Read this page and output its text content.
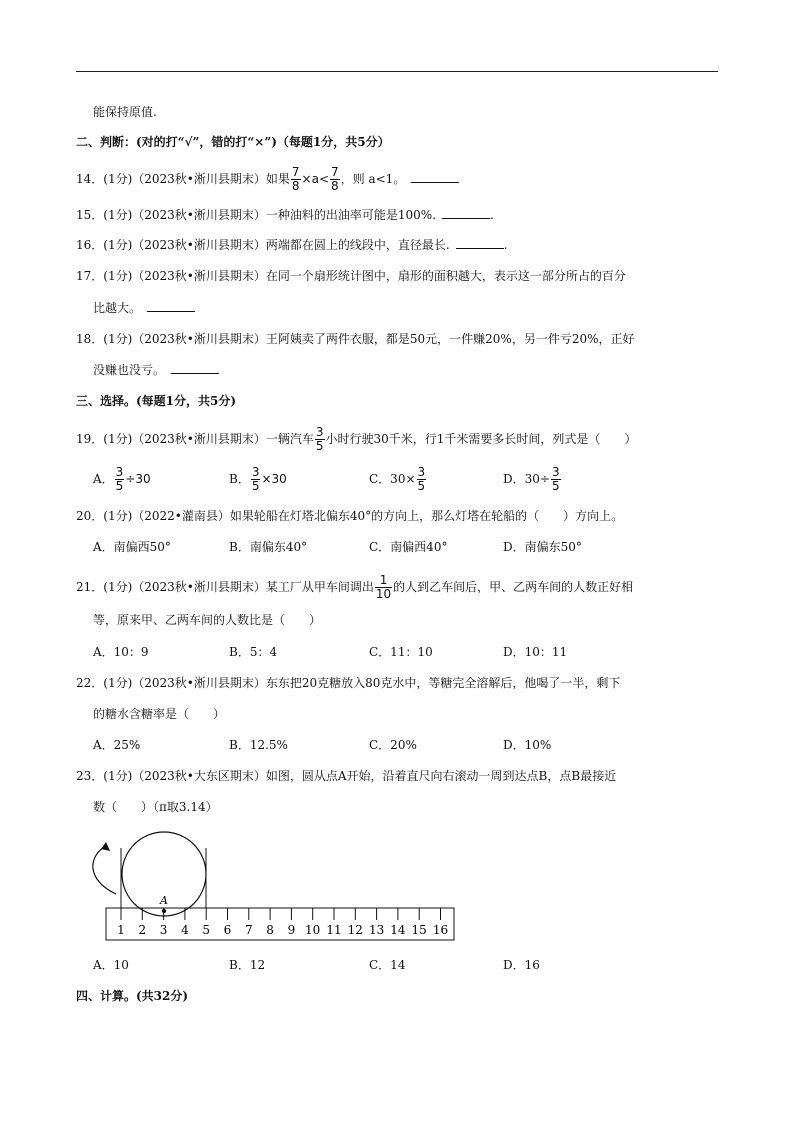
能保持原值.
二、判断：(对的打“√”，错的打“×”)（每题1分，共5分）
14．(1分)（2023秋•淅川县期末）如果 $\frac{7}{8} \times a< \frac{7}{8}$ ，则 a<1。
15．(1分)（2023秋•淅川县期末）一种油料的出油率可能是100%.	.
16．(1分)（2023秋•淅川县期末）两端都在圆上的线段中，直径最长.	.
17．(1分)（2023秋•淅川县期末）在同一个扇形统计图中，扇形的面积越大，表示这一部分所占的百分
比越大。
18．(1分)（2023秋•淅川县期末）王阿姨卖了两件衣服，都是50元，一件赚20%，另一件亏20%，正好
没赚也没亏。
三、选择。(每题1分，共5分)
19．(1分)（2023秋•淅川县期末）一辆汽车 $\frac{3}{5}$ 小时行驶30千米，行1千米需要多长时间，列式是（　　）
A． $\frac{3}{5} \div 30$	B． $\frac{3}{5} \times 30$	C．$30\times \frac{3}{5}$	D．$30\div \frac{3}{5}$
20．(1分)（2022•灌南县）如果轮船在灯塔北偏东40°的方向上，那么灯塔在轮船的（　　）方向上。
A．南偏西50°	B．南偏东40°	C．南偏西40°	D．南偏东50°
21．(1分)（2023秋•淅川县期末）某工厂从甲车间调出 $\frac{1}{10}$ 的人到乙车间后，甲、乙两车间的人数正好相
等，原来甲、乙两车间的人数比是（　　）
A．10：9	B．5：4	C．11：10	D．10：11
22．(1分)（2023秋•淅川县期末）东东把20克糖放入80克水中，等糖完全溶解后，他喝了一半，剩下
的糖水含糖率是（　　）
A．25%	B．12.5%	C．20%	D．10%
23．(1分)（2023秋•大东区期末）如图，圆从点A开始，沿着直尺向右滚动一周到达点B，点B最接近
数（　　）（π取3.14）
1 2 3 4 5 6 7 8 9 10 11 12 13 14 15 16
A
A．10	B．12	C．14	D．16
四、计算。(共32分)
